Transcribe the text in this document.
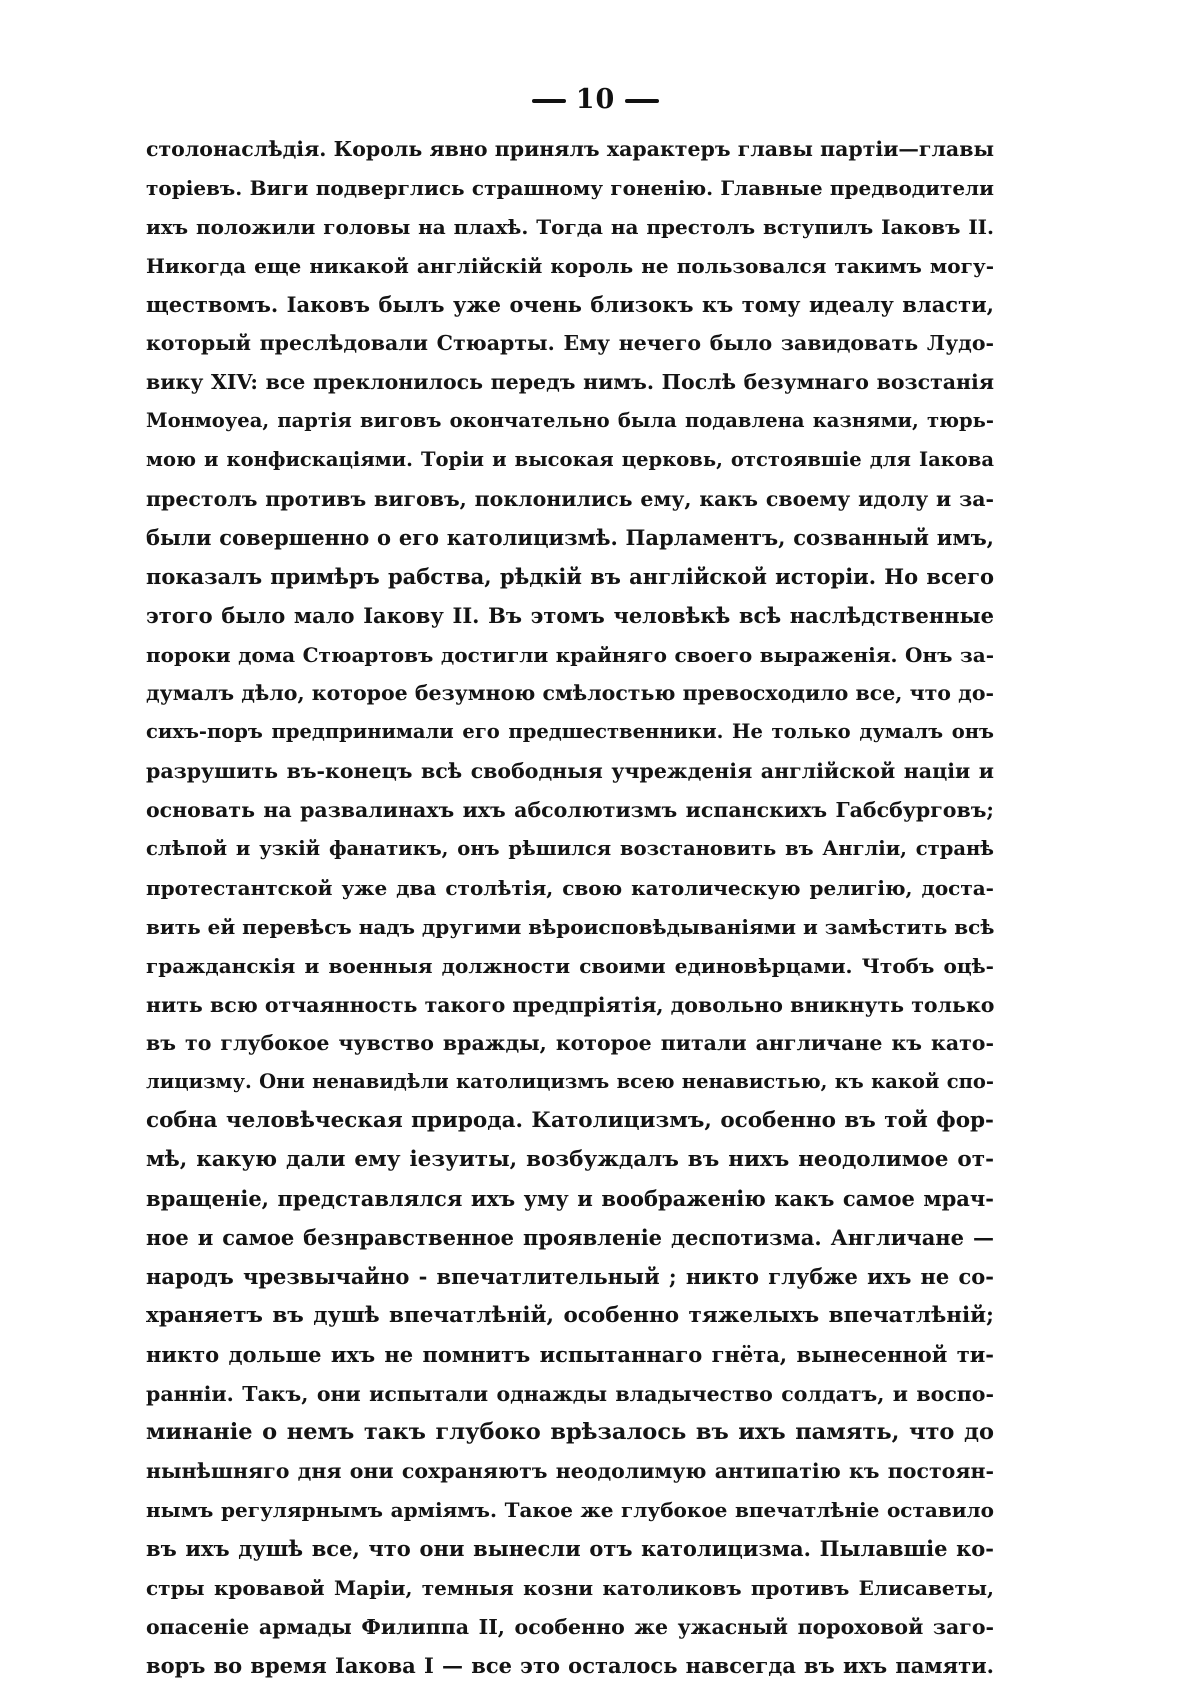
10
столонаслѣдія. Король явно принялъ характеръ главы партіи—главы
торіевъ. Виги подверглись страшному гоненію. Главные предводители
ихъ положили головы на плахѣ. Тогда на престолъ вступилъ Іаковъ II.
Никогда еще никакой англійскій король не пользовался такимъ могу-
ществомъ. Іаковъ былъ уже очень близокъ къ тому идеалу власти,
который преслѣдовали Стюарты. Ему нечего было завидовать Лудо-
вику XIV: все преклонилось передъ нимъ. Послѣ безумнаго возстанія
Монмоуеа, партія виговъ окончательно была подавлена казнями, тюрь-
мою и конфискаціями. Торіи и высокая церковь, отстоявшіе для Іакова
престолъ противъ виговъ, поклонились ему, какъ своему идолу и за-
были совершенно о его католицизмѣ. Парламентъ, созванный имъ,
показалъ примѣръ рабства, рѣдкій въ англійской исторіи. Но всего
этого было мало Іакову II. Въ этомъ человѣкѣ всѣ наслѣдственные
пороки дома Стюартовъ достигли крайняго своего выраженія. Онъ за-
думалъ дѣло, которое безумною смѣлостью превосходило все, что до-
сихъ-поръ предпринимали его предшественники. Не только думалъ онъ
разрушить въ-конецъ всѣ свободныя учрежденія англійской націи и
основать на развалинахъ ихъ абсолютизмъ испанскихъ Габсбурговъ;
слѣпой и узкій фанатикъ, онъ рѣшился возстановить въ Англіи, странѣ
протестантской уже два столѣтія, свою католическую религію, доста-
вить ей перевѣсъ надъ другими вѣроисповѣдываніями и замѣстить всѣ
гражданскія и военныя должности своими единовѣрцами. Чтобъ оцѣ-
нить всю отчаянность такого предпріятія, довольно вникнуть только
въ то глубокое чувство вражды, которое питали англичане къ като-
лицизму. Они ненавидѣли католицизмъ всею ненавистью, къ какой спо-
собна человѣческая природа. Католицизмъ, особенно въ той фор-
мѣ, какую дали ему іезуиты, возбуждалъ въ нихъ неодолимое от-
вращеніе, представлялся ихъ уму и воображенію какъ самое мрач-
ное и самое безнравственное проявленіе деспотизма. Англичане —
народъ чрезвычайно - впечатлительный ; никто глубже ихъ не со-
храняетъ въ душѣ впечатлѣній, особенно тяжелыхъ впечатлѣній;
никто дольше ихъ не помнитъ испытаннаго гнёта, вынесенной ти-
ранніи. Такъ, они испытали однажды владычество солдатъ, и воспо-
минаніе о немъ такъ глубоко врѣзалось въ ихъ память, что до
нынѣшняго дня они сохраняютъ неодолимую антипатію къ постоян-
нымъ регулярнымъ арміямъ. Такое же глубокое впечатлѣніе оставило
въ ихъ душѣ все, что они вынесли отъ католицизма. Пылавшіе ко-
стры кровавой Маріи, темныя козни католиковъ противъ Елисаветы,
опасеніе армады Филиппа II, особенно же ужасный пороховой заго-
воръ во время Іакова I — все это осталось навсегда въ ихъ памяти.
